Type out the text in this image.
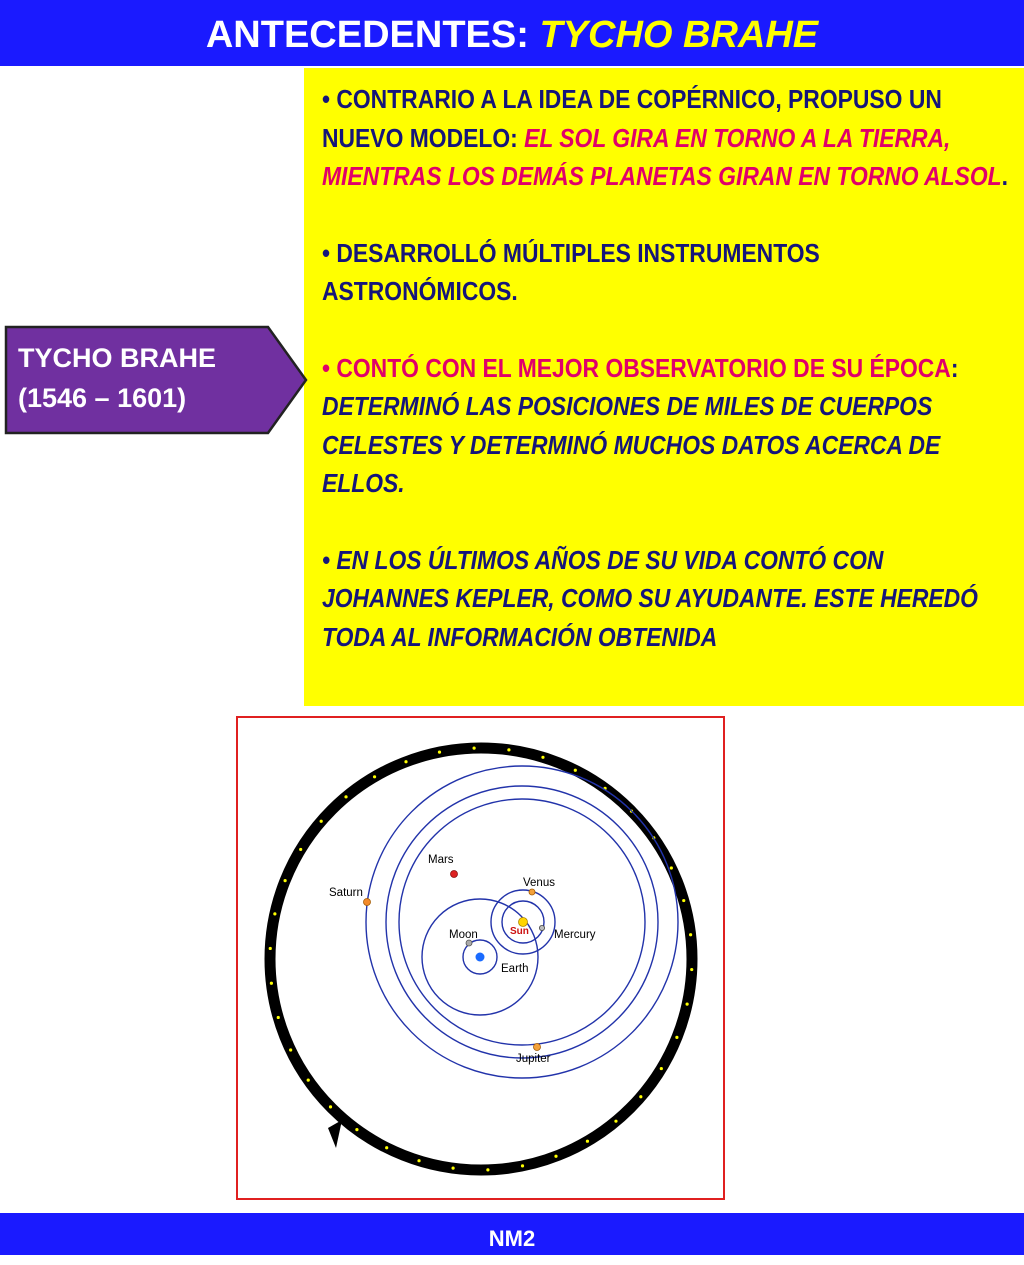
ANTECEDENTES: TYCHO BRAHE

• CONTRARIO A LA IDEA DE COPÉRNICO, PROPUSO UN NUEVO MODELO: EL SOL GIRA EN TORNO A LA TIERRA, MIENTRAS LOS DEMÁS PLANETAS GIRAN EN TORNO ALSOL.

• DESARROLLÓ MÚLTIPLES INSTRUMENTOS ASTRONÓMICOS.

• CONTÓ CON EL MEJOR OBSERVATORIO DE SU ÉPOCA: DETERMINÓ LAS POSICIONES DE MILES DE CUERPOS CELESTES Y DETERMINÓ MUCHOS DATOS ACERCA DE ELLOS.

• EN LOS ÚLTIMOS AÑOS DE SU VIDA CONTÓ CON JOHANNES KEPLER, COMO SU AYUDANTE. ESTE HEREDÓ TODA AL INFORMACIÓN OBTENIDA

TYCHO BRAHE
(1546 – 1601)
Mars
Venus
Saturn
Sun Mercury
Moon
Earth
Jupiter
NM2
